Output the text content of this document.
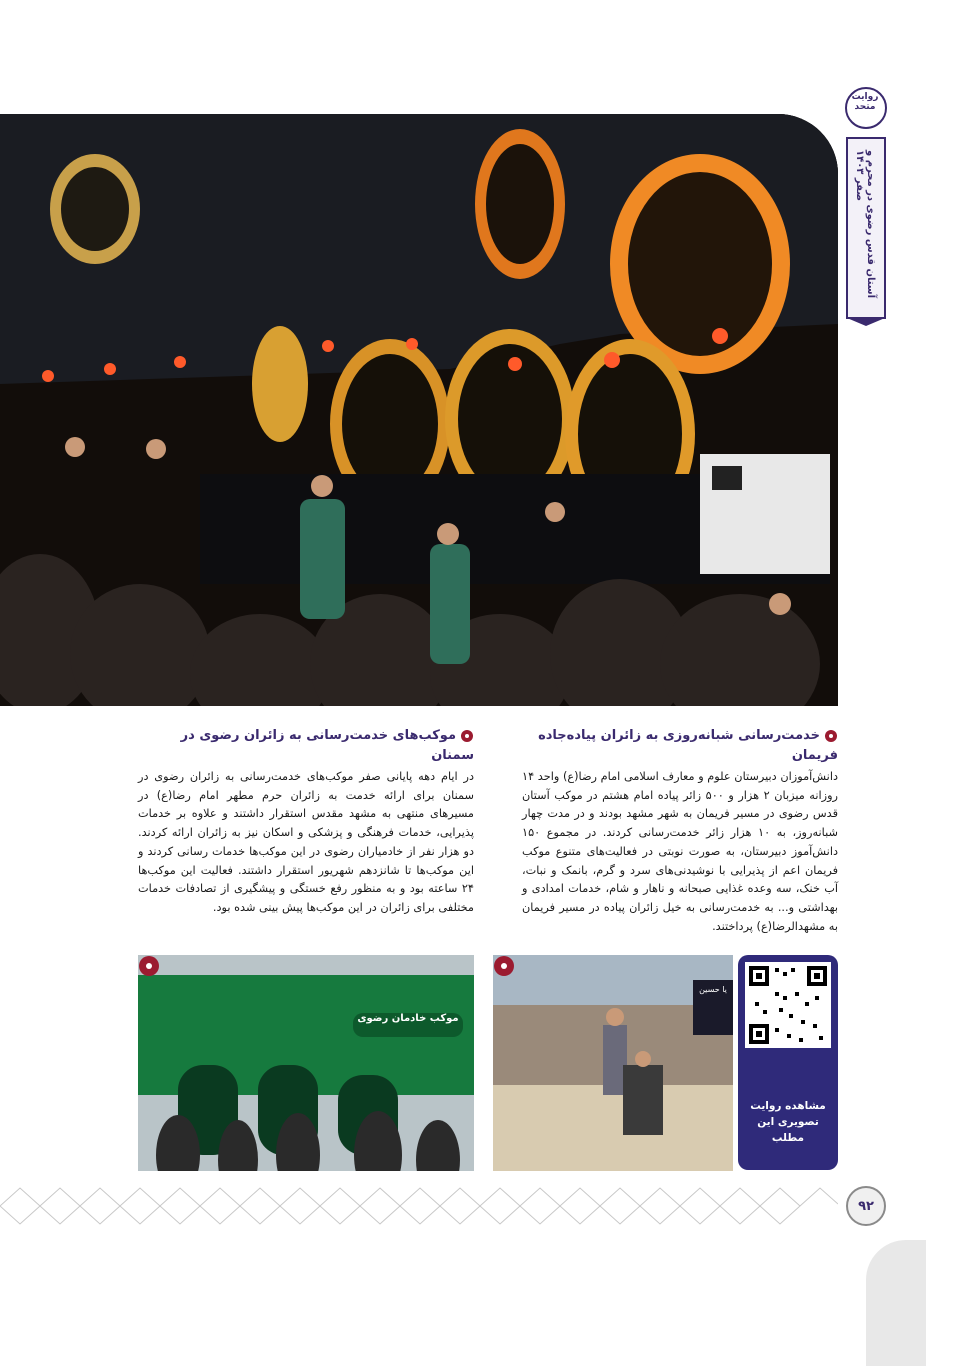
روایت متحد
آستان قدس رضوی در محرم و صفر ۱۴۰۳
خدمت‌رسانی شبانه‌روزی به زائران پیاده‌جاده فریمان
دانش‌آموزان دبیرستان علوم و معارف اسلامی امام رضا(ع) واحد ۱۴ روزانه میزبان ۲ هزار و ۵۰۰ زائر پیاده امام هشتم در موکب آستان قدس رضوی در مسیر فریمان به شهر مشهد بودند و در مدت چهار شبانه‌روز، به ۱۰ هزار زائر خدمت‌رسانی کردند. در مجموع ۱۵۰ دانش‌آموز دبیرستان، به صورت نوبتی در فعالیت‌های متنوع موکب فریمان اعم از پذیرایی با نوشیدنی‌های سرد و گرم، بانمک و نبات، آب خنک، سه وعده غذایی صبحانه و ناهار و شام، خدمات امدادی و بهداشتی و... به خدمت‌رسانی به خیل زائران پیاده در مسیر فریمان به مشهدالرضا(ع) پرداختند.
موکب‌های خدمت‌رسانی به زائران رضوی در سمنان
در ایام دهه پایانی صفر موکب‌های خدمت‌رسانی به زائران رضوی در سمنان برای ارائه خدمت به زائران حرم مطهر امام رضا(ع) در مسیرهای منتهی به مشهد مقدس استقرار داشتند و علاوه بر خدمات پذیرایی، خدمات فرهنگی و پزشکی و اسکان نیز به زائران ارائه کردند. دو هزار نفر از خادمیاران رضوی در این موکب‌ها خدمات رسانی کردند و این موکب‌ها تا شانزدهم شهریور استقرار داشتند. فعالیت این موکب‌ها ۲۴ ساعته بود و به منظور رفع خستگی و پیشگیری از تصادفات خدمات مختلفی برای زائران در این موکب‌ها پیش بینی شده بود.
موکب خادمان رضوی
یا حسین
مشاهده روایت تصویری این مطلب
۹۲
